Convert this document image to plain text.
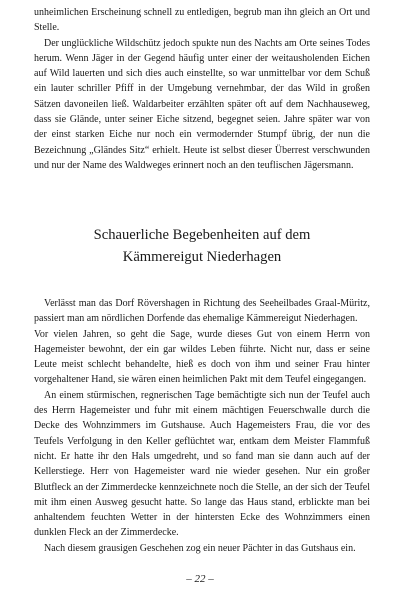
unheimlichen Erscheinung schnell zu entledigen, begrub man ihn gleich an Ort und Stelle.

Der unglückliche Wildschütz jedoch spukte nun des Nachts am Orte seines Todes herum. Wenn Jäger in der Gegend häufig unter einer der weitausholenden Eichen auf Wild lauerten und sich dies auch einstellte, so war unmittelbar vor dem Schuß ein lauter schriller Pfiff in der Umgebung vernehmbar, der das Wild in großen Sätzen davoneilen ließ. Waldarbeiter erzählten später oft auf dem Nachhauseweg, dass sie Glände, unter seiner Eiche sitzend, begegnet seien. Jahre später war von der einst starken Eiche nur noch ein vermodernder Stumpf übrig, der nun die Bezeichnung „Gländes Sitz“ erhielt. Heute ist selbst dieser Überrest verschwunden und nur der Name des Waldweges erinnert noch an den teuflischen Jägersmann.

Schauerliche Begebenheiten auf dem
Kämmereigut Niederhagen

Verlässt man das Dorf Rövershagen in Richtung des Seeheilbades Graal-Müritz, passiert man am nördlichen Dorfende das ehemalige Kämmereigut Niederhagen.

Vor vielen Jahren, so geht die Sage, wurde dieses Gut von einem Herrn von Hagemeister bewohnt, der ein gar wildes Leben führte. Nicht nur, dass er seine Leute meist schlecht behandelte, hieß es doch von ihm und seiner Frau hinter vorgehaltener Hand, sie wären einen heimlichen Pakt mit dem Teufel eingegangen.

An einem stürmischen, regnerischen Tage bemächtigte sich nun der Teufel auch des Herrn Hagemeister und fuhr mit einem mächtigen Feuerschwalle durch die Decke des Wohnzimmers im Gutshause. Auch Hagemeisters Frau, die vor des Teufels Verfolgung in den Keller geflüchtet war, entkam dem Meister Flammfuß nicht. Er hatte ihr den Hals umgedreht, und so fand man sie dann auch auf der Kellerstiege. Herr von Hagemeister ward nie wieder gesehen. Nur ein großer Blutfleck an der Zimmerdecke kennzeichnete noch die Stelle, an der sich der Teufel mit ihm einen Ausweg gesucht hatte. So lange das Haus stand, erblickte man bei anhaltendem feuchten Wetter in der hintersten Ecke des Wohnzimmers einen dunklen Fleck an der Zimmerdecke.

Nach diesem grausigen Geschehen zog ein neuer Pächter in das Gutshaus ein.

– 22 –
